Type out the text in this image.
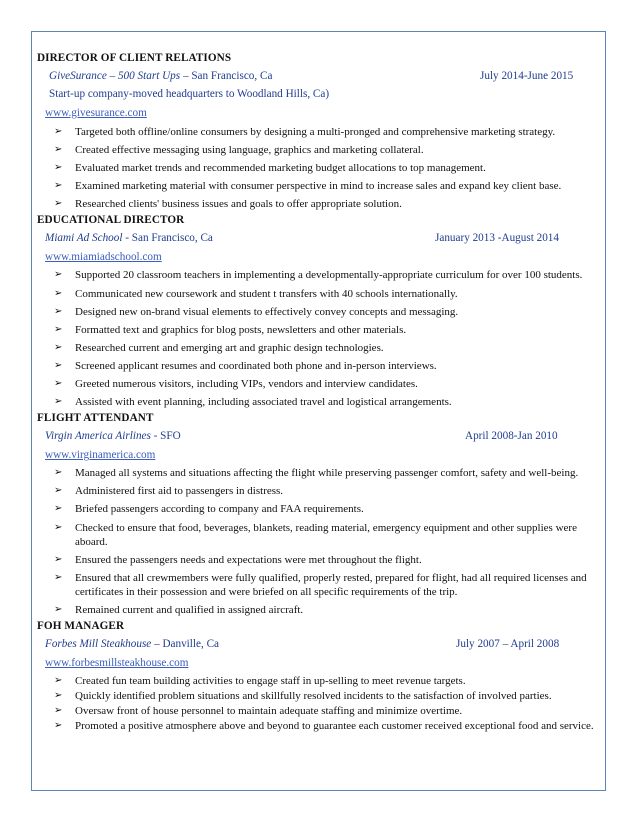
DIRECTOR OF CLIENT RELATIONS
GiveSurance – 500 Start Ups – San Francisco, Ca	July 2014-June 2015
Start-up company-moved headquarters to Woodland Hills, Ca)
www.givesurance.com
➢ Targeted both offline/online consumers by designing a multi-pronged and comprehensive marketing strategy.
➢ Created effective messaging using language, graphics and marketing collateral.
➢ Evaluated market trends and recommended marketing budget allocations to top management.
➢ Examined marketing material with consumer perspective in mind to increase sales and expand key client base.
➢ Researched clients' business issues and goals to offer appropriate solution.
EDUCATIONAL DIRECTOR
Miami Ad School - San Francisco, Ca	January 2013 -August 2014
www.miamiadschool.com
➢ Supported 20 classroom teachers in implementing a developmentally-appropriate curriculum for over 100 students.
➢ Communicated new coursework and student t transfers with 40 schools internationally.
➢ Designed new on-brand visual elements to effectively convey concepts and messaging.
➢ Formatted text and graphics for blog posts, newsletters and other materials.
➢ Researched current and emerging art and graphic design technologies.
➢ Screened applicant resumes and coordinated both phone and in-person interviews.
➢ Greeted numerous visitors, including VIPs, vendors and interview candidates.
➢ Assisted with event planning, including associated travel and logistical arrangements.
FLIGHT ATTENDANT
Virgin America Airlines - SFO	April 2008-Jan 2010
www.virginamerica.com
➢ Managed all systems and situations affecting the flight while preserving passenger comfort, safety and well-being.
➢ Administered first aid to passengers in distress.
➢ Briefed passengers according to company and FAA requirements.
➢ Checked to ensure that food, beverages, blankets, reading material, emergency equipment and other supplies were aboard.
➢ Ensured the passengers needs and expectations were met throughout the flight.
➢ Ensured that all crewmembers were fully qualified, properly rested, prepared for flight, had all required licenses and certificates in their possession and were briefed on all specific requirements of the trip.
➢ Remained current and qualified in assigned aircraft.
FOH MANAGER
Forbes Mill Steakhouse – Danville, Ca	July 2007 – April 2008
www.forbesmillsteakhouse.com
➢ Created fun team building activities to engage staff in up-selling to meet revenue targets.
➢ Quickly identified problem situations and skillfully resolved incidents to the satisfaction of involved parties.
➢ Oversaw front of house personnel to maintain adequate staffing and minimize overtime.
➢ Promoted a positive atmosphere above and beyond to guarantee each customer received exceptional food and service.
